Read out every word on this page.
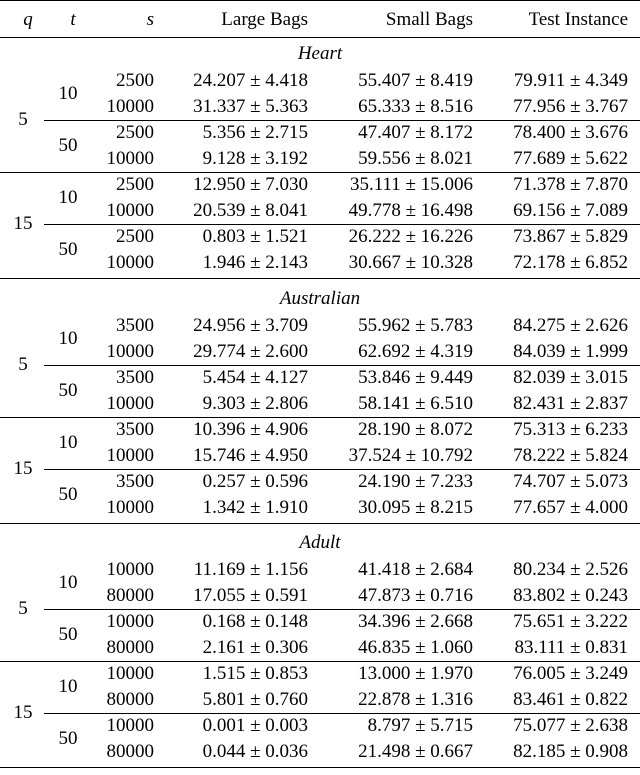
q	t	s	Large Bags	Small Bags	Test Instance
Heart
5
10
2500	24.207 ± 4.418	55.407 ± 8.419	79.911 ± 4.349
10000	31.337 ± 5.363	65.333 ± 8.516	77.956 ± 3.767
50
2500	5.356 ± 2.715	47.407 ± 8.172	78.400 ± 3.676
10000	9.128 ± 3.192	59.556 ± 8.021	77.689 ± 5.622
15
10
2500	12.950 ± 7.030	35.111 ± 15.006	71.378 ± 7.870
10000	20.539 ± 8.041	49.778 ± 16.498	69.156 ± 7.089
50
2500	0.803 ± 1.521	26.222 ± 16.226	73.867 ± 5.829
10000	1.946 ± 2.143	30.667 ± 10.328	72.178 ± 6.852
Australian
5
10
3500	24.956 ± 3.709	55.962 ± 5.783	84.275 ± 2.626
10000	29.774 ± 2.600	62.692 ± 4.319	84.039 ± 1.999
50
3500	5.454 ± 4.127	53.846 ± 9.449	82.039 ± 3.015
10000	9.303 ± 2.806	58.141 ± 6.510	82.431 ± 2.837
15
10
3500	10.396 ± 4.906	28.190 ± 8.072	75.313 ± 6.233
10000	15.746 ± 4.950	37.524 ± 10.792	78.222 ± 5.824
50
3500	0.257 ± 0.596	24.190 ± 7.233	74.707 ± 5.073
10000	1.342 ± 1.910	30.095 ± 8.215	77.657 ± 4.000
Adult
5
10
10000	11.169 ± 1.156	41.418 ± 2.684	80.234 ± 2.526
80000	17.055 ± 0.591	47.873 ± 0.716	83.802 ± 0.243
50
10000	0.168 ± 0.148	34.396 ± 2.668	75.651 ± 3.222
80000	2.161 ± 0.306	46.835 ± 1.060	83.111 ± 0.831
15
10
10000	1.515 ± 0.853	13.000 ± 1.970	76.005 ± 3.249
80000	5.801 ± 0.760	22.878 ± 1.316	83.461 ± 0.822
50
10000	0.001 ± 0.003	8.797 ± 5.715	75.077 ± 2.638
80000	0.044 ± 0.036	21.498 ± 0.667	82.185 ± 0.908
